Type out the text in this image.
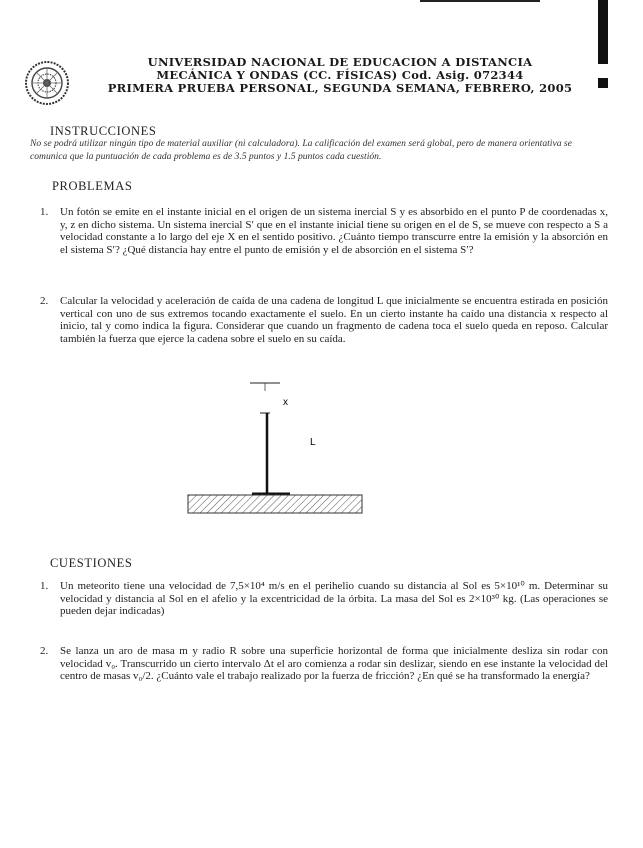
UNIVERSIDAD NACIONAL DE EDUCACION A DISTANCIA
MECÁNICA Y ONDAS (CC. FÍSICAS) Cod. Asig. 072344
PRIMERA PRUEBA PERSONAL, SEGUNDA SEMANA, FEBRERO, 2005
INSTRUCCIONES
No se podrá utilizar ningún tipo de material auxiliar (ni calculadora). La calificación del examen será global, pero de manera orientativa se comunica que la puntuación de cada problema es de 3.5 puntos y 1.5 puntos cada cuestión.
PROBLEMAS
1. Un fotón se emite en el instante inicial en el origen de un sistema inercial S y es absorbido en el punto P de coordenadas x, y, z en dicho sistema. Un sistema inercial S′ que en el instante inicial tiene su origen en el de S, se mueve con respecto a S a velocidad constante a lo largo del eje X en el sentido positivo. ¿Cuánto tiempo transcurre entre la emisión y la absorción en el sistema S′? ¿Qué distancia hay entre el punto de emisión y el de absorción en el sistema S′?
2. Calcular la velocidad y aceleración de caída de una cadena de longitud L que inicialmente se encuentra estirada en posición vertical con uno de sus extremos tocando exactamente el suelo. En un cierto instante ha caído una distancia x respecto al inicio, tal y como indica la figura. Considerar que cuando un fragmento de cadena toca el suelo queda en reposo. Calcular también la fuerza que ejerce la cadena sobre el suelo en su caída.
x
L
CUESTIONES
1. Un meteorito tiene una velocidad de 7,5×10⁴ m/s en el perihelio cuando su distancia al Sol es 5×10¹⁰ m. Determinar su velocidad y distancia al Sol en el afelio y la excentricidad de la órbita. La masa del Sol es 2×10³⁰ kg. (Las operaciones se pueden dejar indicadas)
2. Se lanza un aro de masa m y radio R sobre una superficie horizontal de forma que inicialmente desliza sin rodar con velocidad v₀. Transcurrido un cierto intervalo Δt el aro comienza a rodar sin deslizar, siendo en ese instante la velocidad del centro de masas v₀/2. ¿Cuánto vale el trabajo realizado por la fuerza de fricción? ¿En qué se ha transformado la energía?
